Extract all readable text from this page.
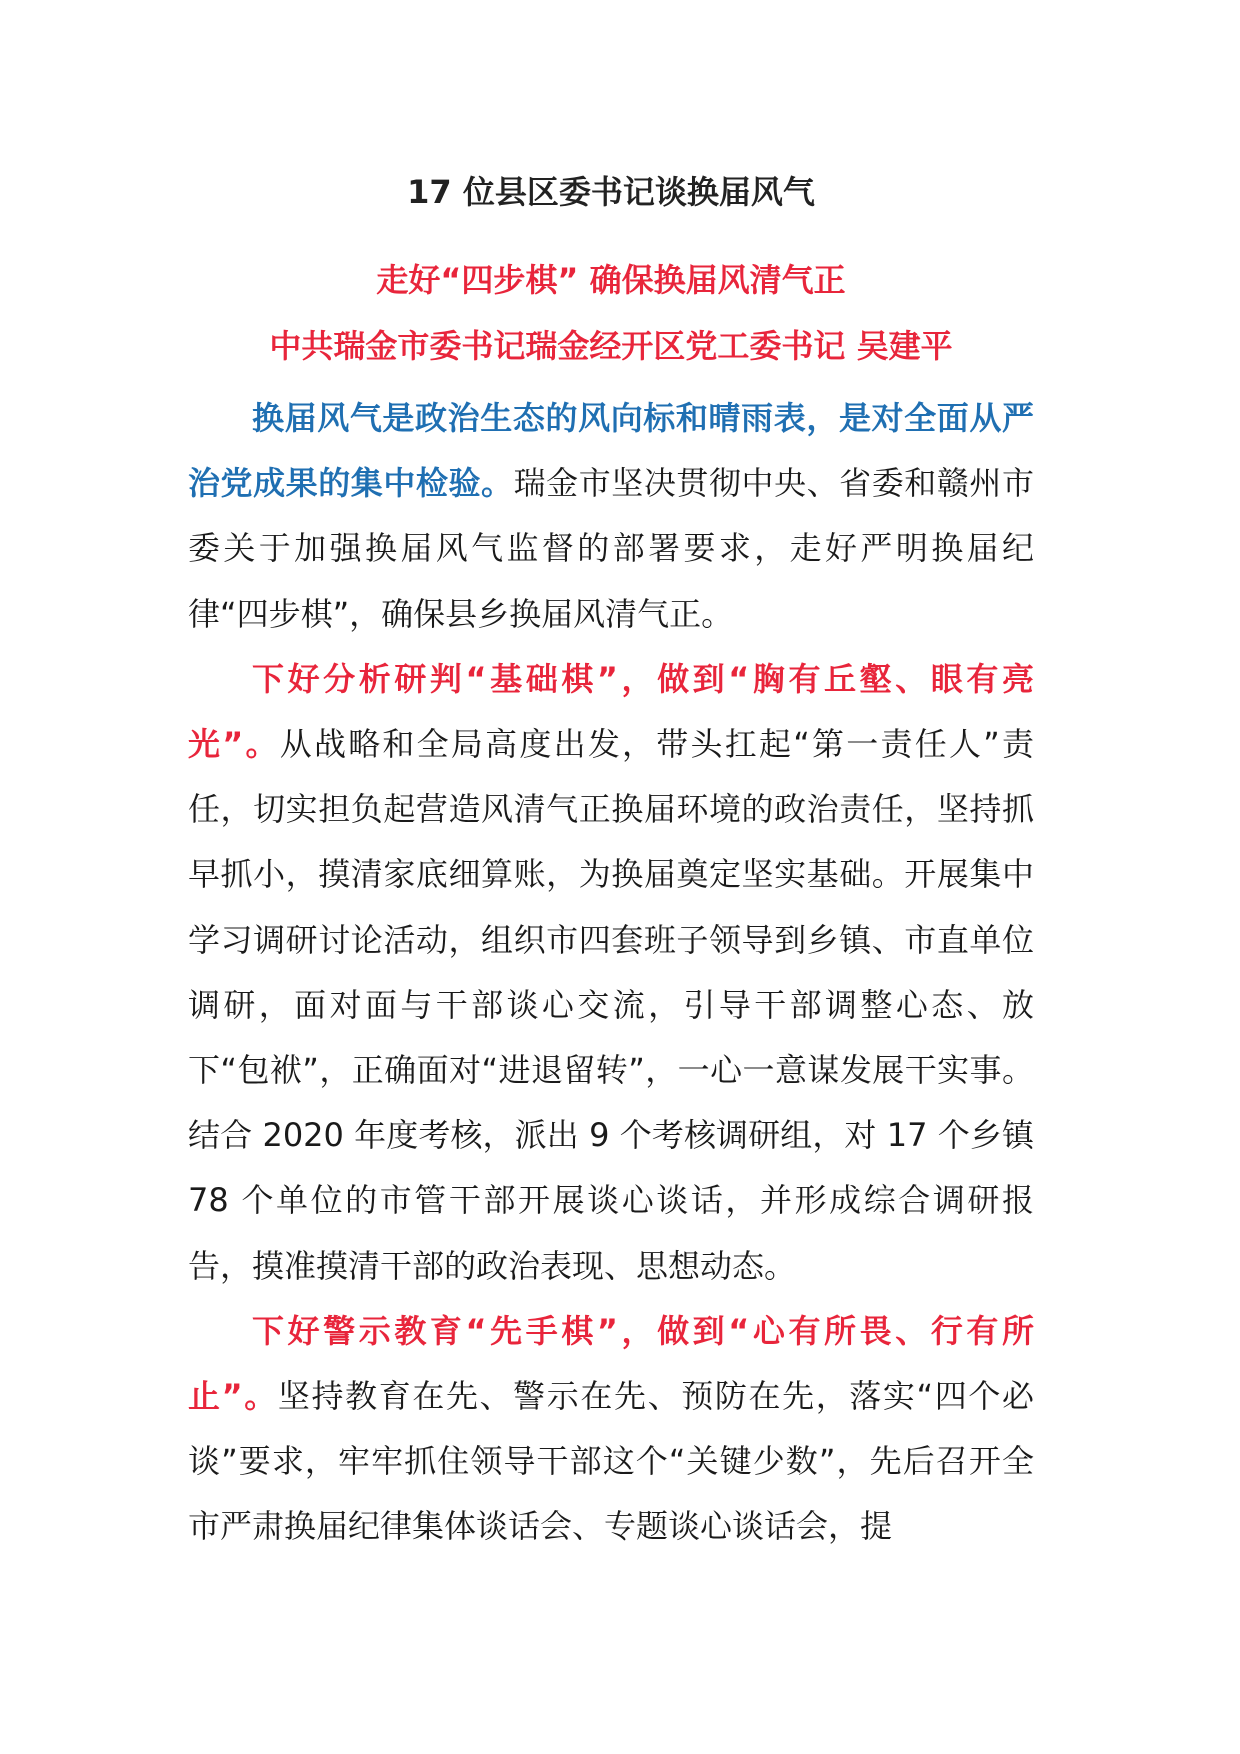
17 位县区委书记谈换届风气
走好“四步棋” 确保换届风清气正
中共瑞金市委书记瑞金经开区党工委书记 吴建平

换届风气是政治生态的风向标和晴雨表，是对全面从严治党成果的集中检验。瑞金市坚决贯彻中央、省委和赣州市委关于加强换届风气监督的部署要求，走好严明换届纪律“四步棋”，确保县乡换届风清气正。

下好分析研判“基础棋”，做到“胸有丘壑、眼有亮光”。从战略和全局高度出发，带头扛起“第一责任人”责任，切实担负起营造风清气正换届环境的政治责任，坚持抓早抓小，摸清家底细算账，为换届奠定坚实基础。开展集中学习调研讨论活动，组织市四套班子领导到乡镇、市直单位调研，面对面与干部谈心交流，引导干部调整心态、放下“包袱”，正确面对“进退留转”，一心一意谋发展干实事。结合 2020 年度考核，派出 9 个考核调研组，对 17 个乡镇 78 个单位的市管干部开展谈心谈话，并形成综合调研报告，摸准摸清干部的政治表现、思想动态。

下好警示教育“先手棋”，做到“心有所畏、行有所止”。坚持教育在先、警示在先、预防在先，落实“四个必谈”要求，牢牢抓住领导干部这个“关键少数”，先后召开全市严肃换届纪律集体谈话会、专题谈心谈话会，提
